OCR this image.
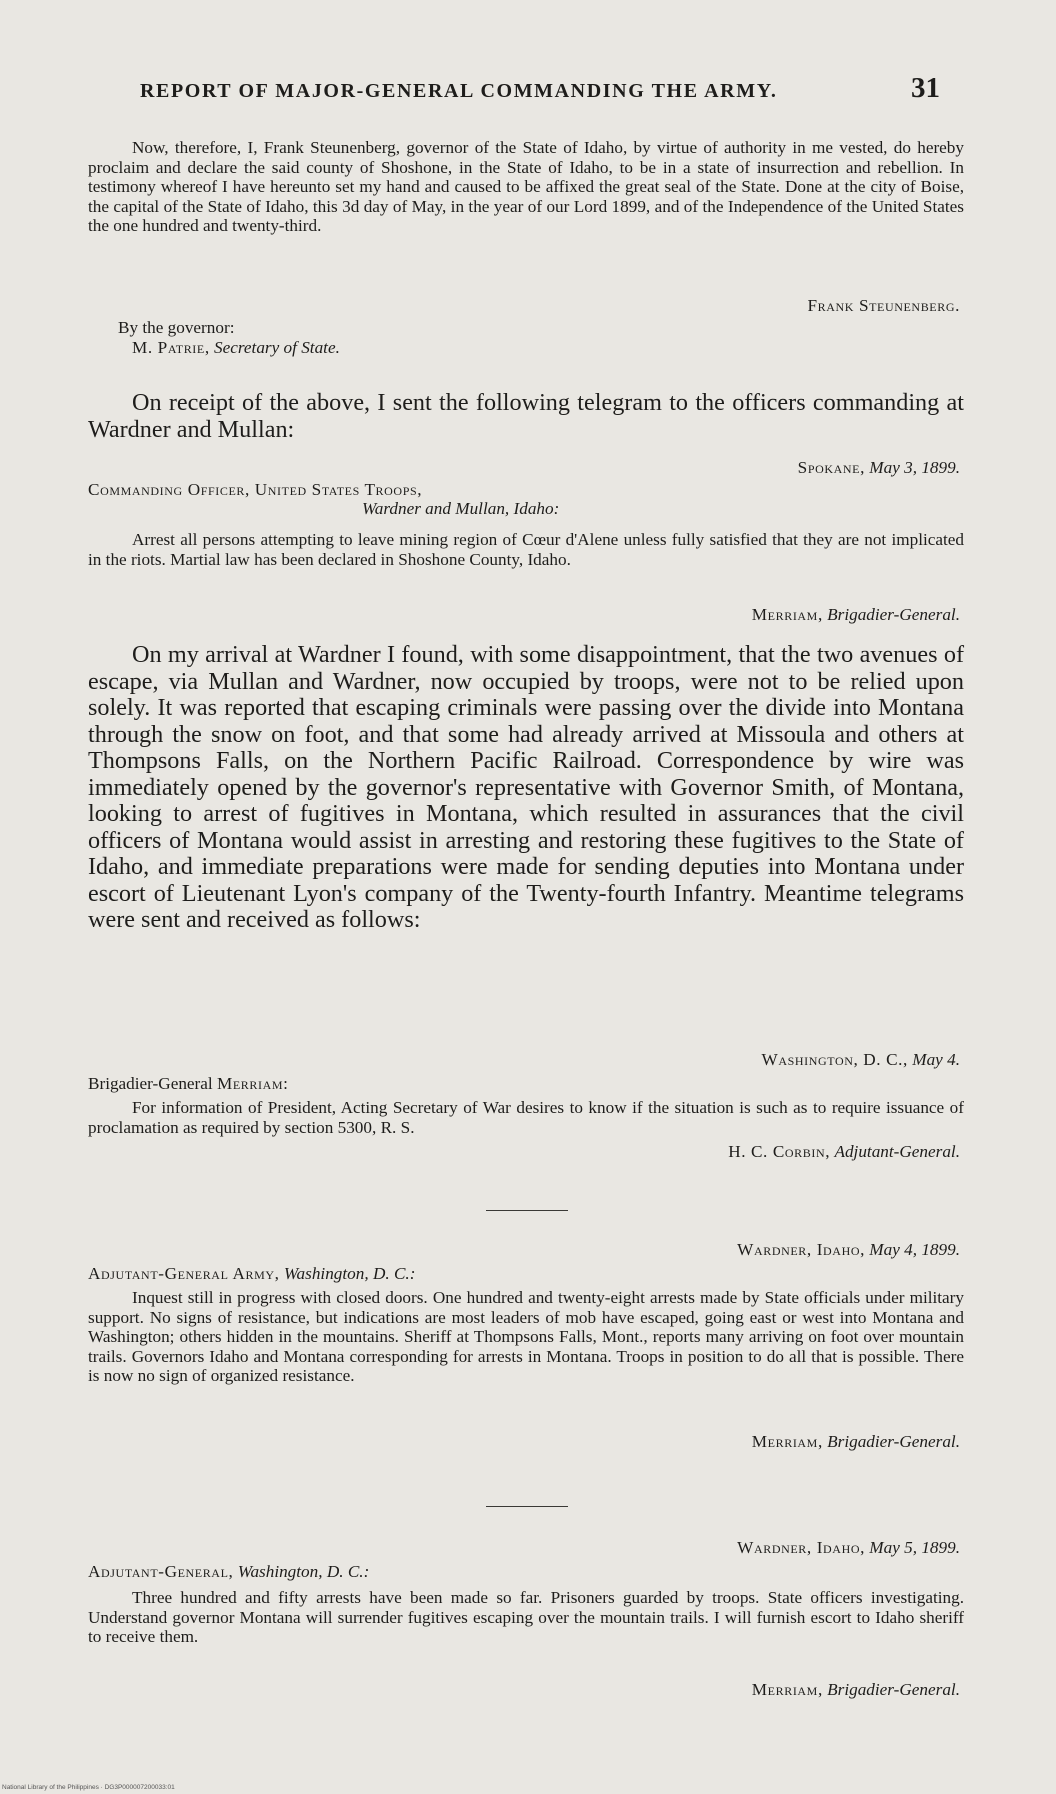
REPORT OF MAJOR-GENERAL COMMANDING THE ARMY.	31
Now, therefore, I, Frank Steunenberg, governor of the State of Idaho, by virtue of authority in me vested, do hereby proclaim and declare the said county of Shoshone, in the State of Idaho, to be in a state of insurrection and rebellion. In testimony whereof I have hereunto set my hand and caused to be affixed the great seal of the State. Done at the city of Boise, the capital of the State of Idaho, this 3d day of May, in the year of our Lord 1899, and of the Independence of the United States the one hundred and twenty-third.
Frank Steunenberg.
By the governor:
M. Patrie, Secretary of State.
On receipt of the above, I sent the following telegram to the officers commanding at Wardner and Mullan:
Spokane, May 3, 1899.
Commanding Officer, United States Troops,
Wardner and Mullan, Idaho:
Arrest all persons attempting to leave mining region of Cœur d'Alene unless fully satisfied that they are not implicated in the riots. Martial law has been declared in Shoshone County, Idaho.
Merriam, Brigadier-General.
On my arrival at Wardner I found, with some disappointment, that the two avenues of escape, via Mullan and Wardner, now occupied by troops, were not to be relied upon solely. It was reported that escaping criminals were passing over the divide into Montana through the snow on foot, and that some had already arrived at Missoula and others at Thompsons Falls, on the Northern Pacific Railroad. Correspondence by wire was immediately opened by the governor's representative with Governor Smith, of Montana, looking to arrest of fugitives in Montana, which resulted in assurances that the civil officers of Montana would assist in arresting and restoring these fugitives to the State of Idaho, and immediate preparations were made for sending deputies into Montana under escort of Lieutenant Lyon's company of the Twenty-fourth Infantry. Meantime telegrams were sent and received as follows:
Washington, D. C., May 4.
Brigadier-General Merriam:
For information of President, Acting Secretary of War desires to know if the situation is such as to require issuance of proclamation as required by section 5300, R. S.
H. C. Corbin, Adjutant-General.
Wardner, Idaho, May 4, 1899.
Adjutant-General Army, Washington, D. C.:
Inquest still in progress with closed doors. One hundred and twenty-eight arrests made by State officials under military support. No signs of resistance, but indications are most leaders of mob have escaped, going east or west into Montana and Washington; others hidden in the mountains. Sheriff at Thompsons Falls, Mont., reports many arriving on foot over mountain trails. Governors Idaho and Montana corresponding for arrests in Montana. Troops in position to do all that is possible. There is now no sign of organized resistance.
Merriam, Brigadier-General.
Wardner, Idaho, May 5, 1899.
Adjutant-General, Washington, D. C.:
Three hundred and fifty arrests have been made so far. Prisoners guarded by troops. State officers investigating. Understand governor Montana will surrender fugitives escaping over the mountain trails. I will furnish escort to Idaho sheriff to receive them.
Merriam, Brigadier-General.
National Library of the Philippines · DG3P000007200033:01
